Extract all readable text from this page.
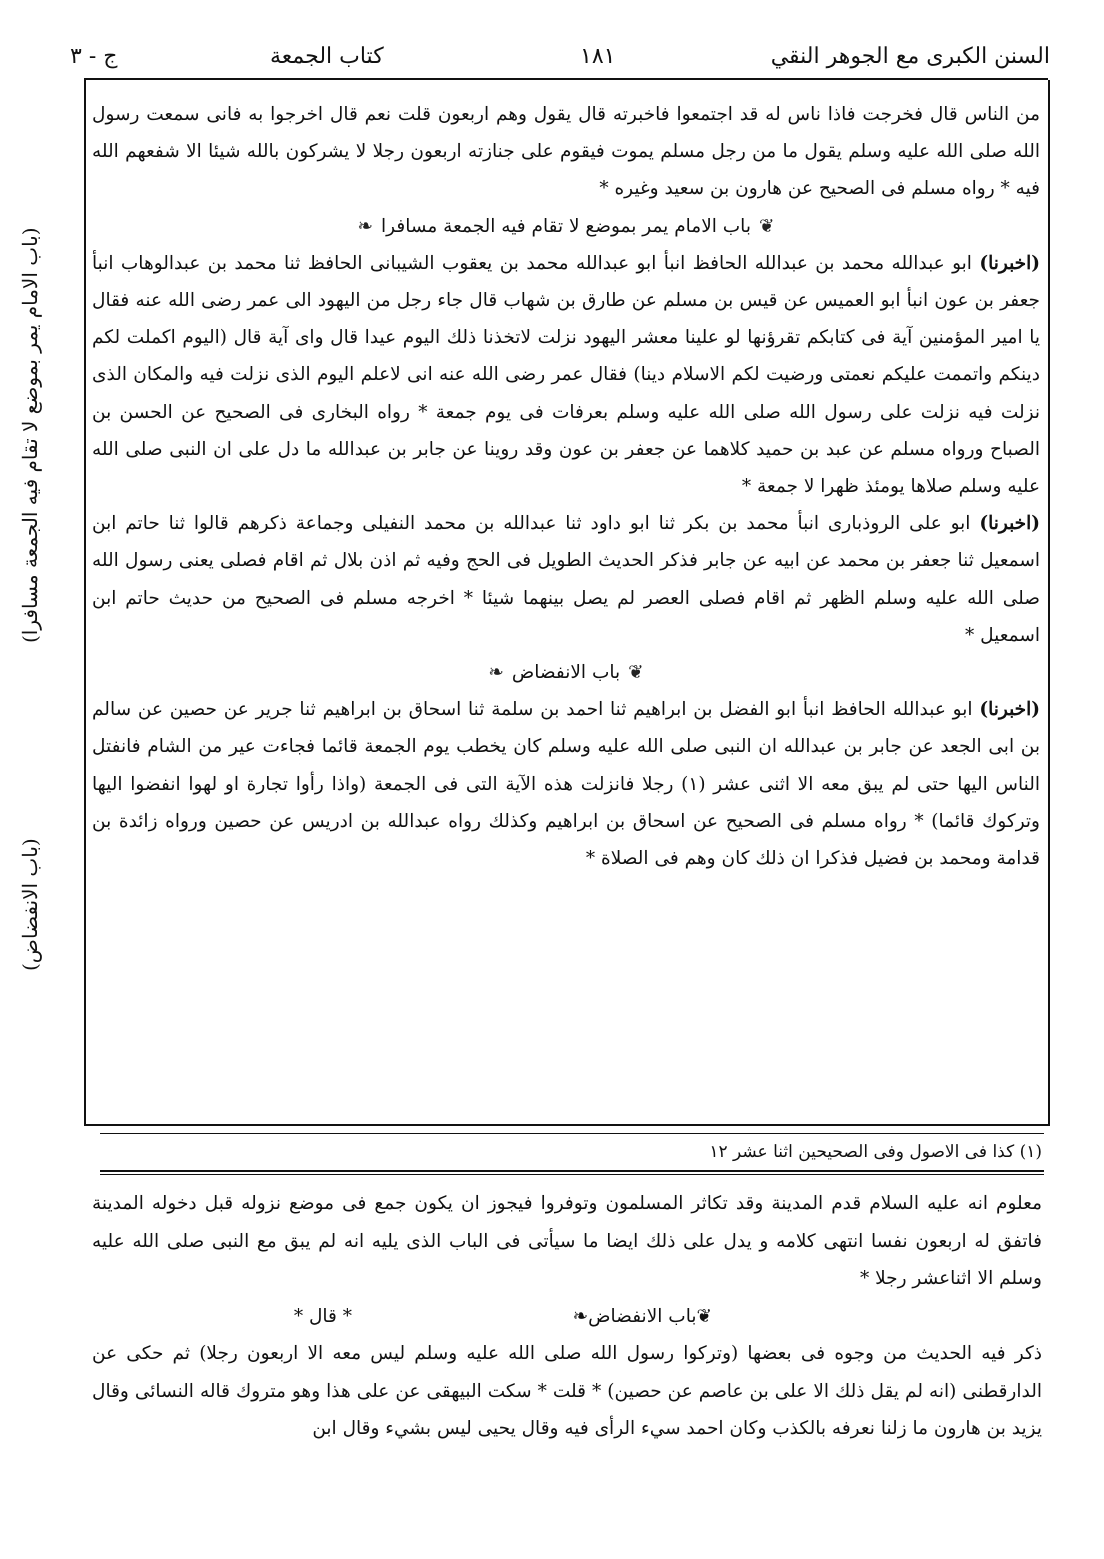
ج - ٣	كتاب الجمعة	١٨١	السنن الكبرى مع الجوهر النقي
(باب الامام يمر بموضع لا تقام فيه الجمعة مسافرا)
(باب الانفضاض)
من الناس قال فخرجت فاذا ناس له قد اجتمعوا فاخبرته قال يقول وهم اربعون قلت نعم قال اخرجوا به فانى سمعت رسول الله صلى الله عليه وسلم يقول ما من رجل مسلم يموت فيقوم على جنازته اربعون رجلا لا يشركون بالله شيئا الا شفعهم الله فيه * رواه مسلم فى الصحيح عن هارون بن سعيد وغيره *
❦باب الامام يمر بموضع لا تقام فيه الجمعة مسافرا❧
(اخبرنا) ابو عبدالله محمد بن عبدالله الحافظ انبأ ابو عبدالله محمد بن يعقوب الشيبانى الحافظ ثنا محمد بن عبدالوهاب انبأ جعفر بن عون انبأ ابو العميس عن قيس بن مسلم عن طارق بن شهاب قال جاء رجل من اليهود الى عمر رضى الله عنه فقال يا امير المؤمنين آية فى كتابكم تقرؤنها لو علينا معشر اليهود نزلت لاتخذنا ذلك اليوم عيدا قال واى آية قال (اليوم اكملت لكم دينكم واتممت عليكم نعمتى ورضيت لكم الاسلام دينا) فقال عمر رضى الله عنه انى لاعلم اليوم الذى نزلت فيه والمكان الذى نزلت فيه نزلت على رسول الله صلى الله عليه وسلم بعرفات فى يوم جمعة * رواه البخارى فى الصحيح عن الحسن بن الصباح ورواه مسلم عن عبد بن حميد كلاهما عن جعفر بن عون وقد روينا عن جابر بن عبدالله ما دل على ان النبى صلى الله عليه وسلم صلاها يومئذ ظهرا لا جمعة *
(اخبرنا) ابو على الروذبارى انبأ محمد بن بكر ثنا ابو داود ثنا عبدالله بن محمد النفيلى وجماعة ذكرهم قالوا ثنا حاتم ابن اسمعيل ثنا جعفر بن محمد عن ابيه عن جابر فذكر الحديث الطويل فى الحج وفيه ثم اذن بلال ثم اقام فصلى يعنى رسول الله صلى الله عليه وسلم الظهر ثم اقام فصلى العصر لم يصل بينهما شيئا * اخرجه مسلم فى الصحيح من حديث حاتم ابن اسمعيل *
❦باب الانفضاض❧
(اخبرنا) ابو عبدالله الحافظ انبأ ابو الفضل بن ابراهيم ثنا احمد بن سلمة ثنا اسحاق بن ابراهيم ثنا جرير عن حصين عن سالم بن ابى الجعد عن جابر بن عبدالله ان النبى صلى الله عليه وسلم كان يخطب يوم الجمعة قائما فجاءت عير من الشام فانفتل الناس اليها حتى لم يبق معه الا اثنى عشر (١) رجلا فانزلت هذه الآية التى فى الجمعة (واذا رأوا تجارة او لهوا انفضوا اليها وتركوك قائما) * رواه مسلم فى الصحيح عن اسحاق بن ابراهيم وكذلك رواه عبدالله بن ادريس عن حصين ورواه زائدة بن قدامة ومحمد بن فضيل فذكرا ان ذلك كان وهم فى الصلاة *
(١) كذا فى الاصول وفى الصحيحين اثنا عشر ١٢
معلوم انه عليه السلام قدم المدينة وقد تكاثر المسلمون وتوفروا فيجوز ان يكون جمع فى موضع نزوله قبل دخوله المدينة فاتفق له اربعون نفسا انتهى كلامه و يدل على ذلك ايضا ما سيأتى فى الباب الذى يليه انه لم يبق مع النبى صلى الله عليه وسلم الا اثناعشر رجلا *
* قال *	❦باب الانفضاض❧
ذكر فيه الحديث من وجوه فى بعضها (وتركوا رسول الله صلى الله عليه وسلم ليس معه الا اربعون رجلا) ثم حكى عن الدارقطنى (انه لم يقل ذلك الا على بن عاصم عن حصين) * قلت * سكت البيهقى عن على هذا وهو متروك قاله النسائى وقال يزيد بن هارون ما زلنا نعرفه بالكذب وكان احمد سيء الرأى فيه وقال يحيى ليس بشيء وقال ابن
